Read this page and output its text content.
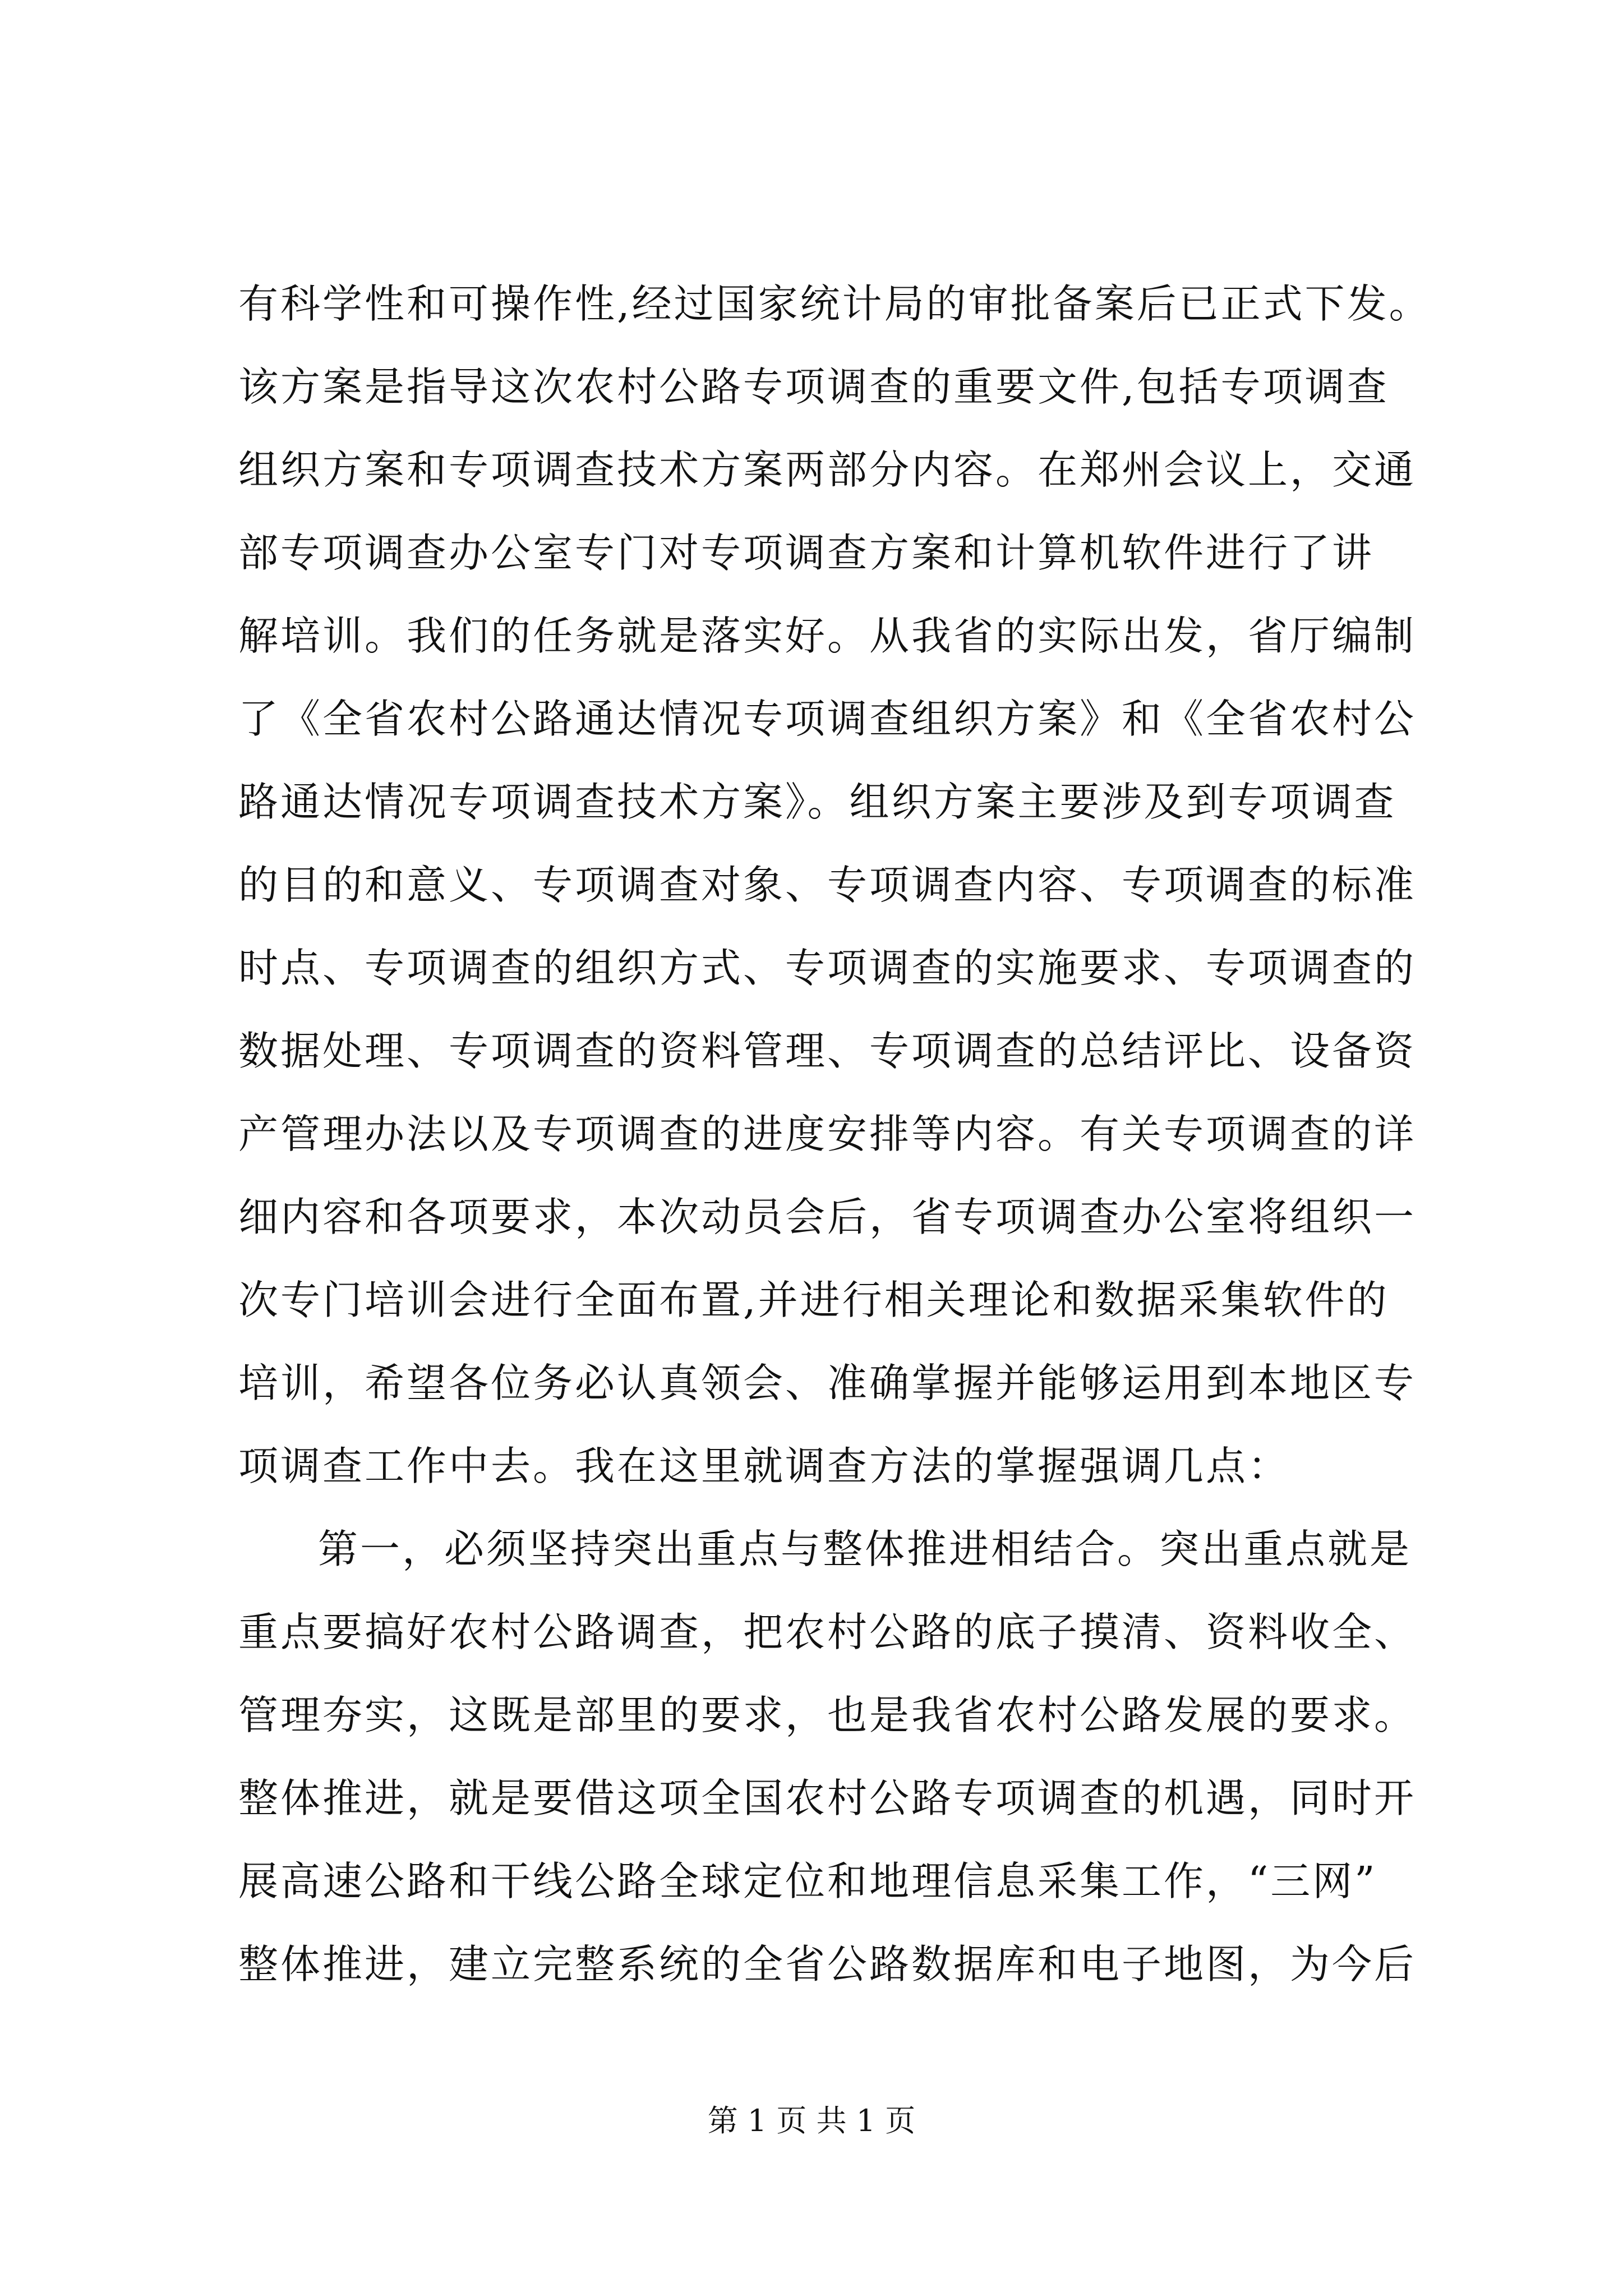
有科学性和可操作性,经过国家统计局的审批备案后已正式下发。
该方案是指导这次农村公路专项调查的重要文件,包括专项调查
组织方案和专项调查技术方案两部分内容。在郑州会议上，交通
部专项调查办公室专门对专项调查方案和计算机软件进行了讲
解培训。我们的任务就是落实好。从我省的实际出发，省厅编制
了《全省农村公路通达情况专项调查组织方案》和《全省农村公
路通达情况专项调查技术方案》。组织方案主要涉及到专项调查
的目的和意义、专项调查对象、专项调查内容、专项调查的标准
时点、专项调查的组织方式、专项调查的实施要求、专项调查的
数据处理、专项调查的资料管理、专项调查的总结评比、设备资
产管理办法以及专项调查的进度安排等内容。有关专项调查的详
细内容和各项要求，本次动员会后，省专项调查办公室将组织一
次专门培训会进行全面布置,并进行相关理论和数据采集软件的
培训，希望各位务必认真领会、准确掌握并能够运用到本地区专
项调查工作中去。我在这里就调查方法的掌握强调几点：
第一，必须坚持突出重点与整体推进相结合。突出重点就是
重点要搞好农村公路调查，把农村公路的底子摸清、资料收全、
管理夯实，这既是部里的要求，也是我省农村公路发展的要求。
整体推进，就是要借这项全国农村公路专项调查的机遇，同时开
展高速公路和干线公路全球定位和地理信息采集工作，“三网”
整体推进，建立完整系统的全省公路数据库和电子地图，为今后
第 1 页 共 1 页
